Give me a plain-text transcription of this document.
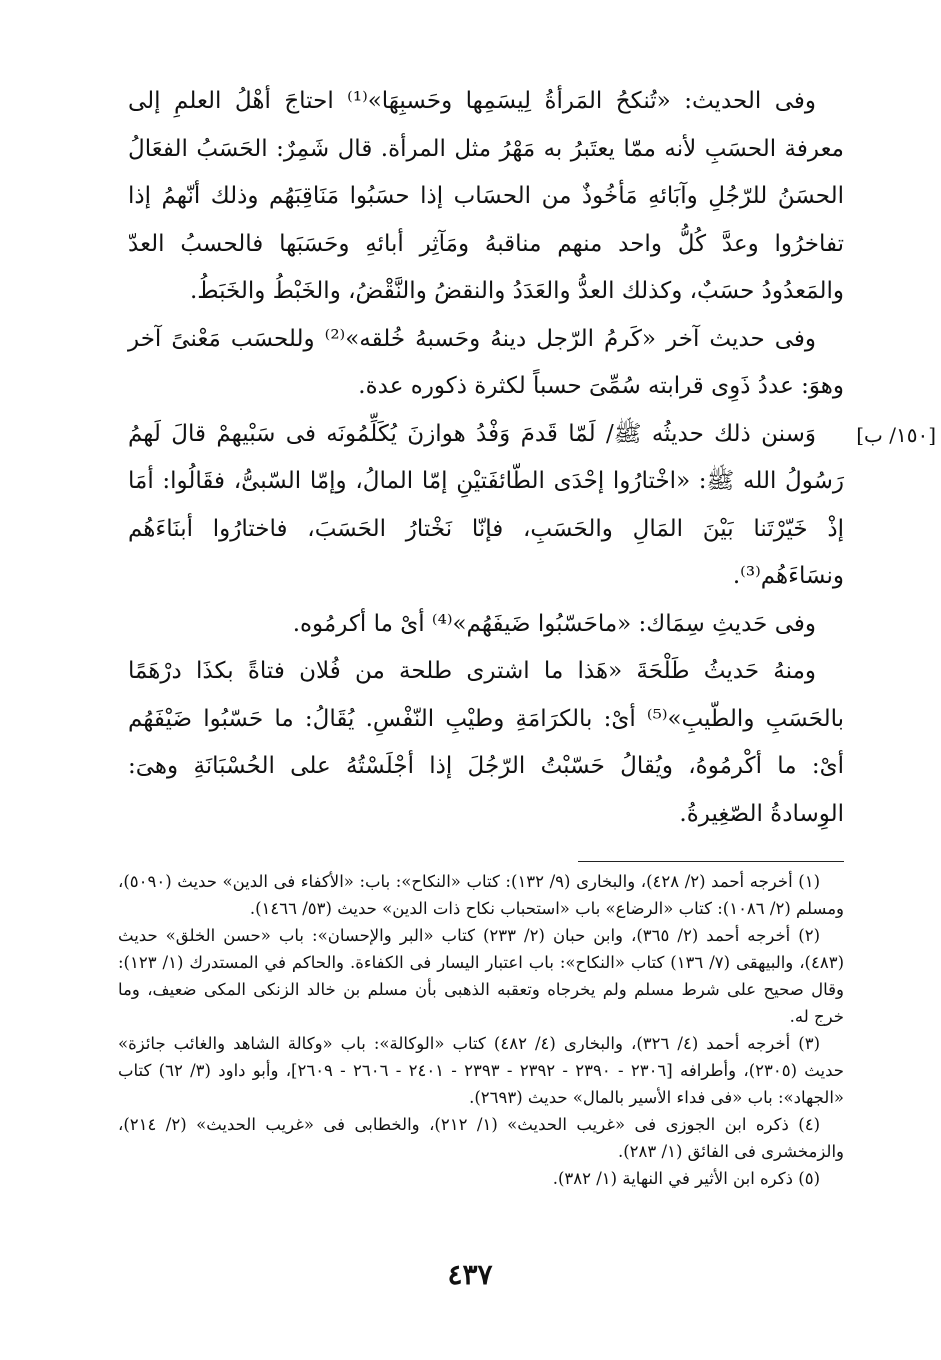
[١٥٠/ ب]

وفى الحديث: «تُنكحُ المَرأةُ لِيسَمِها وحَسبِهَا»⁽¹⁾ احتاجَ أهْلُ العلمِ إلى معرفة الحسَبِ لأنه ممّا يعتَبرُ به مَهْرُ مثل المرأة. قال شَمِرٌ: الحَسَبُ الفعَالُ الحسَنُ للرّجُلِ وآبَائهِ مَأخُوذٌ من الحسَاب إذا حسَبُوا مَنَاقِبَهُم وذلك أنّهمُ إذا تفاخرُوا وعدَّ كُلُّ واحد منهم مناقبهُ ومَآثِر أبائهِ وحَسَبَها فالحسبُ العدّ والمَعدُودُ حسَبٌ، وكذلك العدُّ والعَدَدُ والنقضُ والنَّقْضُ، والخَبْطُ والخَبَطُ.

وفى حديث آخر «كَرمُ الرّجل دينهُ وحَسبهُ خُلقه»⁽²⁾ وللحسَب مَعْنىً آخر وهوَ: عددُ ذَوِى قرابته سُمِّىَ حسباً لكثرة ذكوره عدة.

وَسنن ذلك حديثُه ﷺ/ لَمّا قَدمَ وَفْدُ هوازنَ يُكَلِّمُونَه فى سَبْيهمْ قالَ لَهمُ رَسُولُ الله ﷺ: «اخْتارُوا إحْدَى الطّائفَتيْنِ إمّا المالُ، وإمّا السّبىُّ، فقَالُوا: أمَا إذْ خَيّرْتَنا بَيْنَ المَالِ والحَسَبِ، فإنّا نَخْتارُ الحَسَبَ، فاختارُوا أبنَاءَهُم ونسَاءَهُم⁽³⁾.

وفى حَديثِ سِمَاك: «ماحَسّبُوا ضَيفَهُم»⁽⁴⁾ أىْ ما أكرمُوه.

ومنهُ حَديثُ طَلْحَةَ «هَذا ما اشترى طلحة من فُلان فتاةً بكذَا درْهَمًا بالحَسَبِ والطّيبِ»⁽⁵⁾ أىْ: بالكرَامَةِ وطيْبِ النّفْسِ. يُقَالُ: ما حَسّبُوا ضَيْفَهُم أىْ: ما أكْرمُوهُ، ويُقالُ حَسّبْتُ الرّجُلَ إذا أجْلَسْتُهُ على الحُسْبَانَةِ وهىَ: الوِسادةُ الصّغِيرةُ.

(١) أخرجه أحمد (٢/ ٤٢٨)، والبخارى (٩/ ١٣٢): كتاب «النكاح»: باب: «الأكفاء فى الدين» حديث (٥٠٩٠)، ومسلم (٢/ ١٠٨٦): كتاب «الرضاع» باب «استحباب نكاح ذات الدين» حديث (٥٣/ ١٤٦٦).

(٢) أخرجه أحمد (٢/ ٣٦٥)، وابن حبان (٢/ ٢٣٣) كتاب «البر والإحسان»: باب «حسن الخلق» حديث (٤٨٣)، والبيهقى (٧/ ١٣٦) كتاب «النكاح»: باب اعتبار اليسار فى الكفاءة. والحاكم في المستدرك (١/ ١٢٣): وقال صحيح على شرط مسلم ولم يخرجاه وتعقبه الذهبى بأن مسلم بن خالد الزنكى المكى ضعيف، وما خرج له.

(٣) أخرجه أحمد (٤/ ٣٢٦)، والبخارى (٤/ ٤٨٢) كتاب «الوكالة»: باب «وكالة الشاهد والغائب جائزة» حديث (٢٣٠٥)، وأطرافه [٢٣٠٦ - ٢٣٩٠ - ٢٣٩٢ - ٢٣٩٣ - ٢٤٠١ - ٢٦٠٦ - ٢٦٠٩]، وأبو داود (٣/ ٦٢) كتاب «الجهاد»: باب «فى فداء الأسير بالمال» حديث (٢٦٩٣).

(٤) ذكره ابن الجوزى فى «غريب الحديث» (١/ ٢١٢)، والخطابى فى «غريب الحديث» (٢/ ٢١٤)، والزمخشرى فى الفائق (١/ ٢٨٣).

(٥) ذكره ابن الأثير في النهاية (١/ ٣٨٢).

٤٣٧
